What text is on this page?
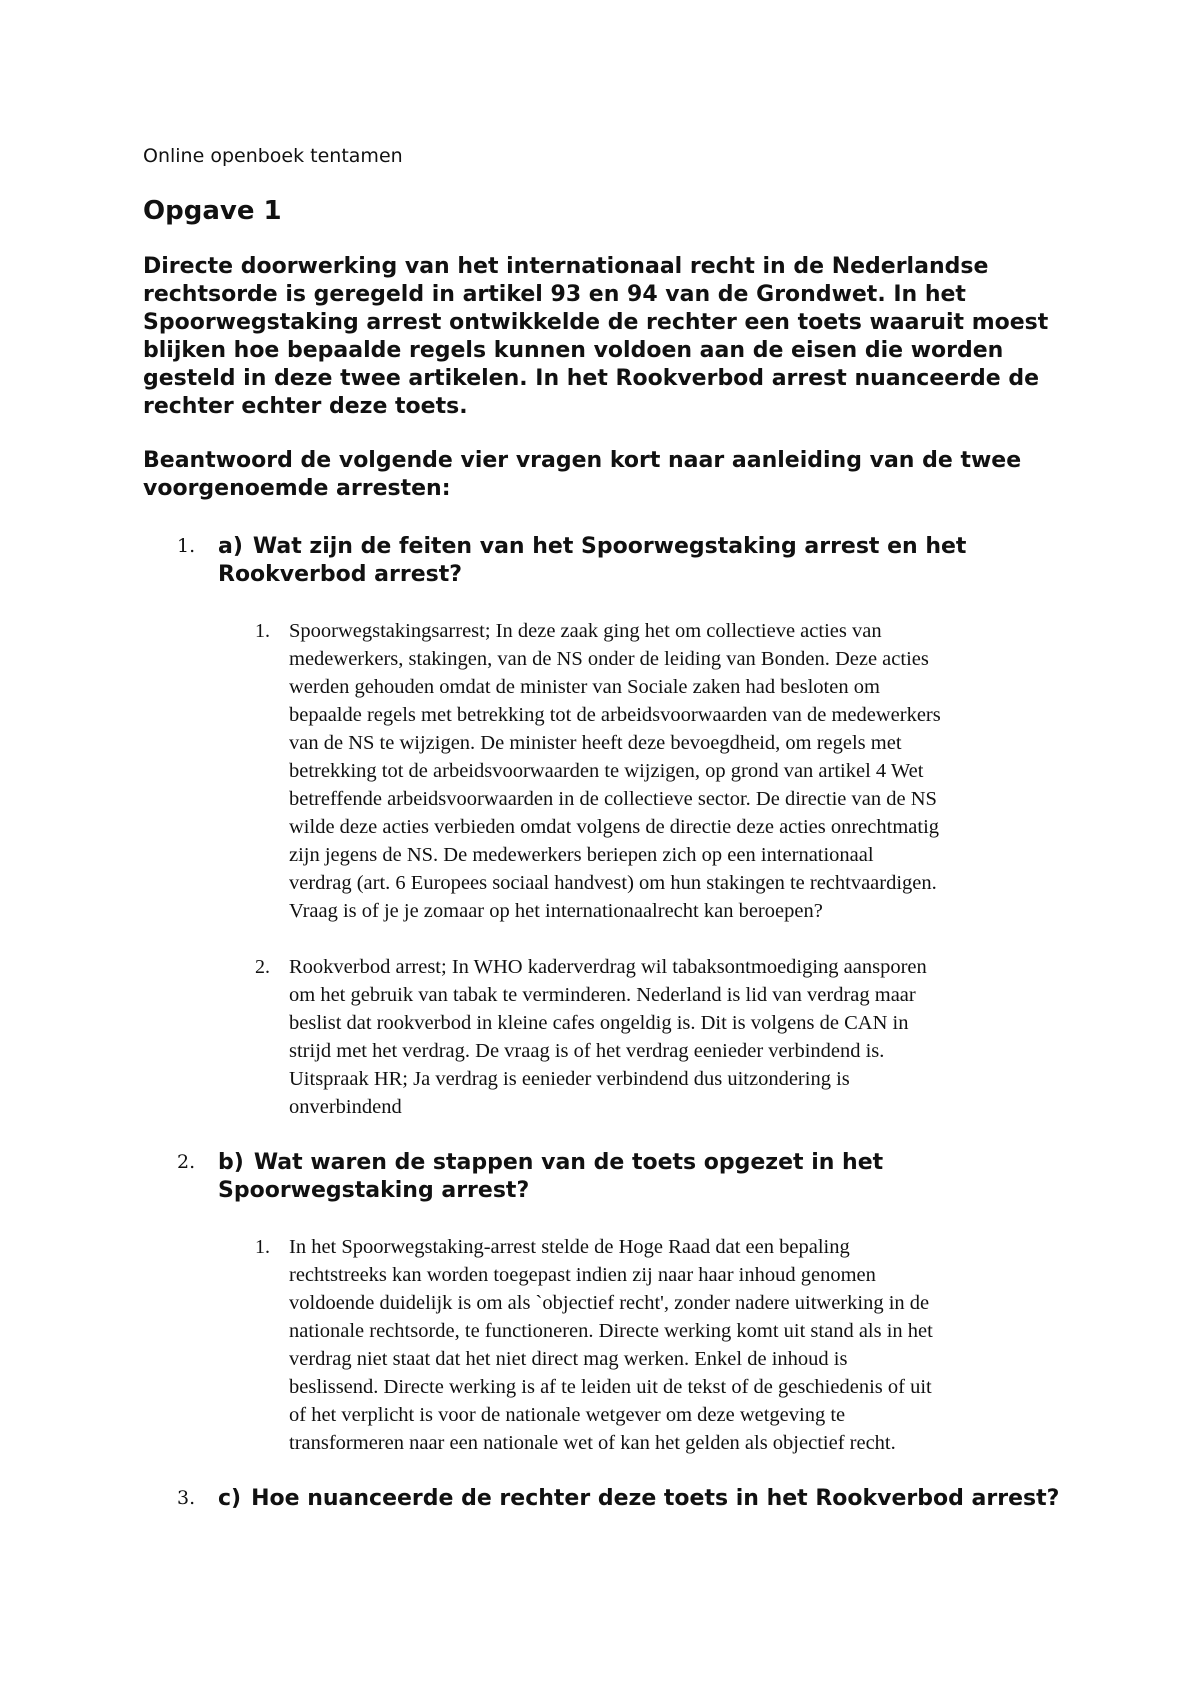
Online openboek tentamen

Opgave 1

Directe doorwerking van het internationaal recht in de Nederlandse
rechtsorde is geregeld in artikel 93 en 94 van de Grondwet. In het
Spoorwegstaking arrest ontwikkelde de rechter een toets waaruit moest
blijken hoe bepaalde regels kunnen voldoen aan de eisen die worden
gesteld in deze twee artikelen. In het Rookverbod arrest nuanceerde de
rechter echter deze toets.

Beantwoord de volgende vier vragen kort naar aanleiding van de twee
voorgenoemde arresten:

1. a) Wat zijn de feiten van het Spoorwegstaking arrest en het
Rookverbod arrest?

1. Spoorwegstakingsarrest; In deze zaak ging het om collectieve acties van
medewerkers, stakingen, van de NS onder de leiding van Bonden. Deze acties
werden gehouden omdat de minister van Sociale zaken had besloten om
bepaalde regels met betrekking tot de arbeidsvoorwaarden van de medewerkers
van de NS te wijzigen. De minister heeft deze bevoegdheid, om regels met
betrekking tot de arbeidsvoorwaarden te wijzigen, op grond van artikel 4 Wet
betreffende arbeidsvoorwaarden in de collectieve sector. De directie van de NS
wilde deze acties verbieden omdat volgens de directie deze acties onrechtmatig
zijn jegens de NS. De medewerkers beriepen zich op een internationaal
verdrag (art. 6 Europees sociaal handvest) om hun stakingen te rechtvaardigen.
Vraag is of je je zomaar op het internationaalrecht kan beroepen?

2. Rookverbod arrest; In WHO kaderverdrag wil tabaksontmoediging aansporen
om het gebruik van tabak te verminderen. Nederland is lid van verdrag maar
beslist dat rookverbod in kleine cafes ongeldig is. Dit is volgens de CAN in
strijd met het verdrag. De vraag is of het verdrag eenieder verbindend is.
Uitspraak HR; Ja verdrag is eenieder verbindend dus uitzondering is
onverbindend

2. b) Wat waren de stappen van de toets opgezet in het
Spoorwegstaking arrest?

1. In het Spoorwegstaking-arrest stelde de Hoge Raad dat een bepaling
rechtstreeks kan worden toegepast indien zij naar haar inhoud genomen
voldoende duidelijk is om als `objectief recht', zonder nadere uitwerking in de
nationale rechtsorde, te functioneren. Directe werking komt uit stand als in het
verdrag niet staat dat het niet direct mag werken. Enkel de inhoud is
beslissend. Directe werking is af te leiden uit de tekst of de geschiedenis of uit
of het verplicht is voor de nationale wetgever om deze wetgeving te
transformeren naar een nationale wet of kan het gelden als objectief recht.

3. c) Hoe nuanceerde de rechter deze toets in het Rookverbod arrest?
